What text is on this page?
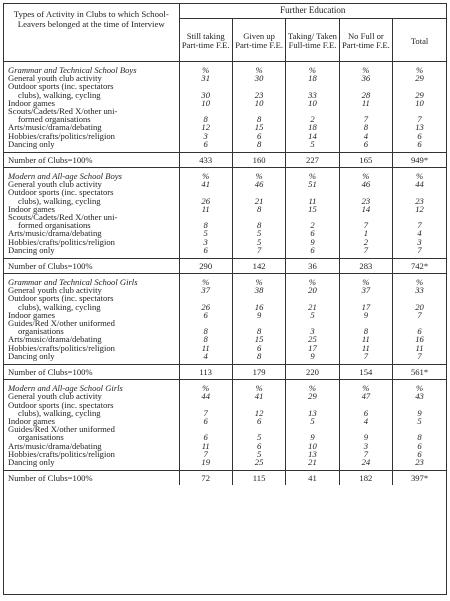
Types of Activity in Clubs to which School-Leavers belonged at the time of Interview	Further Education				
	Still taking Part-time F.E.	Given up Part-time F.E.	Taking/ Taken Full-time F.E.	No Full or Part-time F.E.	Total

Grammar and Technical School Boys	%	%	%	%	%
General youth club activity	31	30	18	36	29
Outdoor sports (inc. spectators					
clubs), walking, cycling	30	23	33	28	29
Indoor games	10	10	10	11	10
Scouts/Cadets/Red X/other uni-					
formed organisations	8	8	2	7	7
Arts/music/drama/debating	12	15	18	8	13
Hobbies/crafts/politics/religion	3	6	14	4	6
Dancing only	6	8	5	6	6

Number of Clubs=100%	433	160	227	165	949*

Modern and All-age School Boys	%	%	%	%	%
General youth club activity	41	46	51	46	44
Outdoor sports (inc. spectators					
clubs), walking, cycling	26	21	11	23	23
Indoor games	11	8	15	14	12
Scouts/Cadets/Red X/other uni-					
formed organisations	8	8	2	7	7
Arts/music/drama/debating	5	5	6	1	4
Hobbies/crafts/politics/religion	3	5	9	2	3
Dancing only	6	7	6	7	7

Number of Clubs=100%	290	142	36	283	742*

Grammar and Technical School Girls	%	%	%	%	%
General youth club activity	37	38	20	37	33
Outdoor sports (inc. spectators					
clubs), walking, cycling	26	16	21	17	20
Indoor games	6	9	5	9	7
Guides/Red X/other uniformed					
organisations	8	8	3	8	6
Arts/music/drama/debating	8	15	25	11	16
Hobbies/crafts/politics/religion	11	6	17	11	11
Dancing only	4	8	9	7	7

Number of Clubs=100%	113	179	220	154	561*

Modern and All-age School Girls	%	%	%	%	%
General youth club activity	44	41	29	47	43
Outdoor sports (inc. spectators					
clubs), walking, cycling	7	12	13	6	9
Indoor games	6	6	5	4	5
Guides/Red X/other uniformed					
organisations	6	5	9	9	8
Arts/music/drama/debating	11	6	10	3	6
Hobbies/crafts/politics/religion	7	5	13	7	6
Dancing only	19	25	21	24	23

Number of Clubs=100%	72	115	41	182	397*
